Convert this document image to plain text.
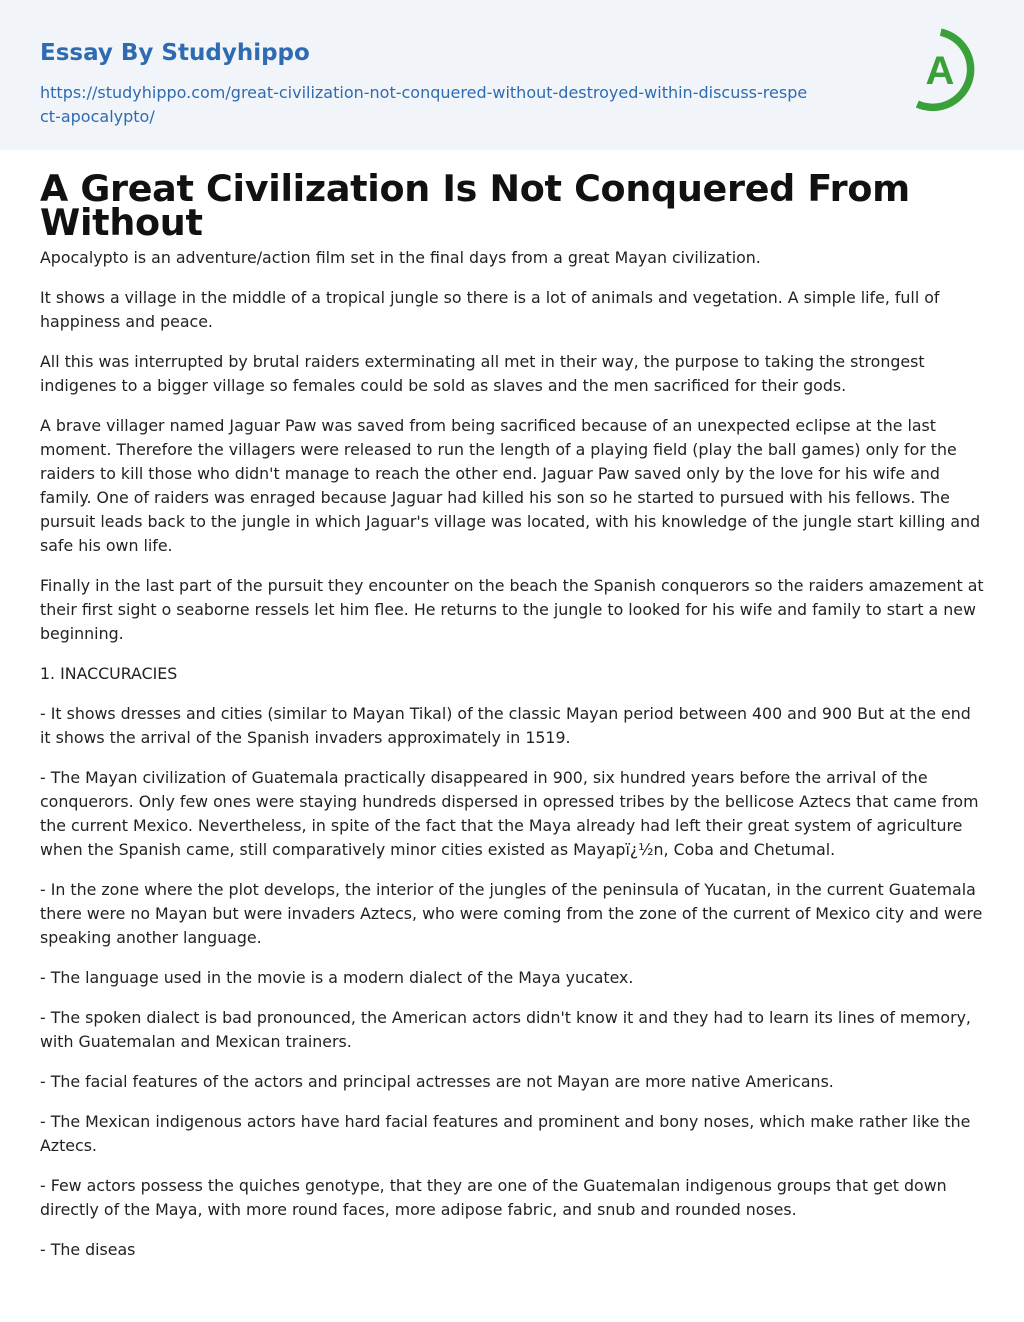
Essay By Studyhippo
https://studyhippo.com/great-civilization-not-conquered-without-destroyed-within-discuss-respect-apocalypto/
A
A Great Civilization Is Not Conquered From Without

Apocalypto is an adventure/action film set in the final days from a great Mayan civilization.

It shows a village in the middle of a tropical jungle so there is a lot of animals and vegetation. A simple life, full of happiness and peace.

All this was interrupted by brutal raiders exterminating all met in their way, the purpose to taking the strongest indigenes to a bigger village so females could be sold as slaves and the men sacrificed for their gods.

A brave villager named Jaguar Paw was saved from being sacrificed because of an unexpected eclipse at the last moment. Therefore the villagers were released to run the length of a playing field (play the ball games) only for the raiders to kill those who didn't manage to reach the other end. Jaguar Paw saved only by the love for his wife and family. One of raiders was enraged because Jaguar had killed his son so he started to pursued with his fellows. The pursuit leads back to the jungle in which Jaguar's village was located, with his knowledge of the jungle start killing and safe his own life.

Finally in the last part of the pursuit they encounter on the beach the Spanish conquerors so the raiders amazement at their first sight o seaborne ressels let him flee. He returns to the jungle to looked for his wife and family to start a new beginning.

1. INACCURACIES

- It shows dresses and cities (similar to Mayan Tikal) of the classic Mayan period between 400 and 900 But at the end it shows the arrival of the Spanish invaders approximately in 1519.

- The Mayan civilization of Guatemala practically disappeared in 900, six hundred years before the arrival of the conquerors. Only few ones were staying hundreds dispersed in opressed tribes by the bellicose Aztecs that came from the current Mexico. Nevertheless, in spite of the fact that the Maya already had left their great system of agriculture when the Spanish came, still comparatively minor cities existed as Mayapï¿½n, Coba and Chetumal.

- In the zone where the plot develops, the interior of the jungles of the peninsula of Yucatan, in the current Guatemala there were no Mayan but were invaders Aztecs, who were coming from the zone of the current of Mexico city and were speaking another language.

- The language used in the movie is a modern dialect of the Maya yucatex.

- The spoken dialect is bad pronounced, the American actors didn't know it and they had to learn its lines of memory, with Guatemalan and Mexican trainers.

- The facial features of the actors and principal actresses are not Mayan are more native Americans.

- The Mexican indigenous actors have hard facial features and prominent and bony noses, which make rather like the Aztecs.

- Few actors possess the quiches genotype, that they are one of the Guatemalan indigenous groups that get down directly of the Maya, with more round faces, more adipose fabric, and snub and rounded noses.

- The diseas
